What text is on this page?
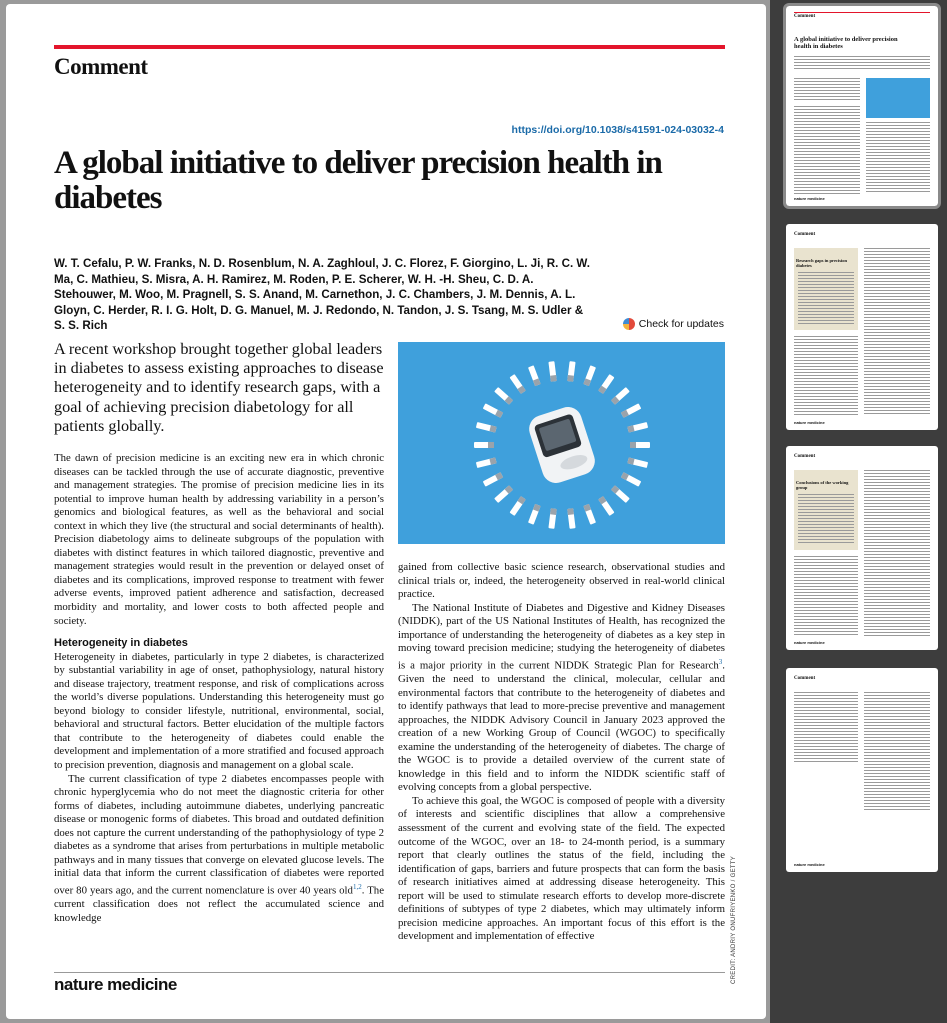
Comment
https://doi.org/10.1038/s41591-024-03032-4
A global initiative to deliver precision health in diabetes
W. T. Cefalu, P. W. Franks, N. D. Rosenblum, N. A. Zaghloul, J. C. Florez, F. Giorgino, L. Ji, R. C. W. Ma, C. Mathieu, S. Misra, A. H. Ramirez, M. Roden, P. E. Scherer, W. H. -H. Sheu, C. D. A. Stehouwer, M. Woo, M. Pragnell, S. S. Anand, M. Carnethon, J. C. Chambers, J. M. Dennis, A. L. Gloyn, C. Herder, R. I. G. Holt, D. G. Manuel, M. J. Redondo, N. Tandon, J. S. Tsang, M. S. Udler & S. S. Rich	Check for updates
A recent workshop brought together global leaders in diabetes to assess existing approaches to disease heterogeneity and to identify research gaps, with a goal of achieving precision diabetology for all patients globally.

The dawn of precision medicine is an exciting new era in which chronic diseases can be tackled through the use of accurate diagnostic, preventive and management strategies. The promise of precision medicine lies in its potential to improve human health by addressing variability in a person’s genomics and biological features, as well as the behavioral and social context in which they live (the structural and social determinants of health). Precision diabetology aims to delineate subgroups of the population with diabetes with distinct features in which tailored diagnostic, preventive and management strategies would result in the prevention or delayed onset of diabetes and its complications, improved response to treatment with fewer adverse events, improved patient adherence and satisfaction, decreased morbidity and mortality, and lower costs to both affected people and society.

Heterogeneity in diabetes

Heterogeneity in diabetes, particularly in type 2 diabetes, is characterized by substantial variability in age of onset, pathophysiology, natural history and disease trajectory, treatment response, and risk of complications across the world’s diverse populations. Understanding this heterogeneity must go beyond biology to consider lifestyle, nutritional, environmental, social, behavioral and structural factors. Better elucidation of the multiple factors that contribute to the heterogeneity of diabetes could enable the development and implementation of a more stratified and focused approach to precision prevention, diagnosis and management on a global scale.

The current classification of type 2 diabetes encompasses people with chronic hyperglycemia who do not meet the diagnostic criteria for other forms of diabetes, including autoimmune diabetes, underlying pancreatic disease or monogenic forms of diabetes. This broad and outdated definition does not capture the current understanding of the pathophysiology of type 2 diabetes as a syndrome that arises from perturbations in multiple metabolic pathways and in many tissues that converge on elevated glucose levels. The initial data that inform the current classification of diabetes were reported over 80 years ago, and the current nomenclature is over 40 years old$^{1,2}$. The current classification does not reflect the accumulated science and knowledge

gained from collective basic science research, observational studies and clinical trials or, indeed, the heterogeneity observed in real-world clinical practice.

The National Institute of Diabetes and Digestive and Kidney Diseases (NIDDK), part of the US National Institutes of Health, has recognized the importance of understanding the heterogeneity of diabetes as a key step in moving toward precision medicine; studying the heterogeneity of diabetes is a major priority in the current NIDDK Strategic Plan for Research$^3$. Given the need to understand the clinical, molecular, cellular and environmental factors that contribute to the heterogeneity of diabetes and to identify pathways that lead to more-precise preventive and management approaches, the NIDDK Advisory Council in January 2023 approved the creation of a new Working Group of Council (WGOC) to specifically examine the understanding of the heterogeneity of diabetes. The charge of the WGOC is to provide a detailed overview of the current state of knowledge in this field and to inform the NIDDK scientific staff of evolving concepts from a global perspective.

To achieve this goal, the WGOC is composed of people with a diversity of interests and scientific disciplines that allow a comprehensive assessment of the current and evolving state of the field. The expected outcome of the WGOC, over an 18- to 24-month period, is a summary report that clearly outlines the status of the field, including the identification of gaps, barriers and future prospects that can form the basis of research initiatives aimed at addressing disease heterogeneity. This report will be used to stimulate research efforts to develop more-discrete definitions of subtypes of type 2 diabetes, which may ultimately inform precision medicine approaches. An important focus of this effort is the development and implementation of effective	CREDIT: ANDRIY ONUFRIYENKO / GETTY
nature medicine
Comment
A global initiative to deliver precision health in diabetes
nature medicine
Comment
Research gaps in precision diabetes
nature medicine
Comment
Conclusions of the working group
nature medicine
Comment
nature medicine
